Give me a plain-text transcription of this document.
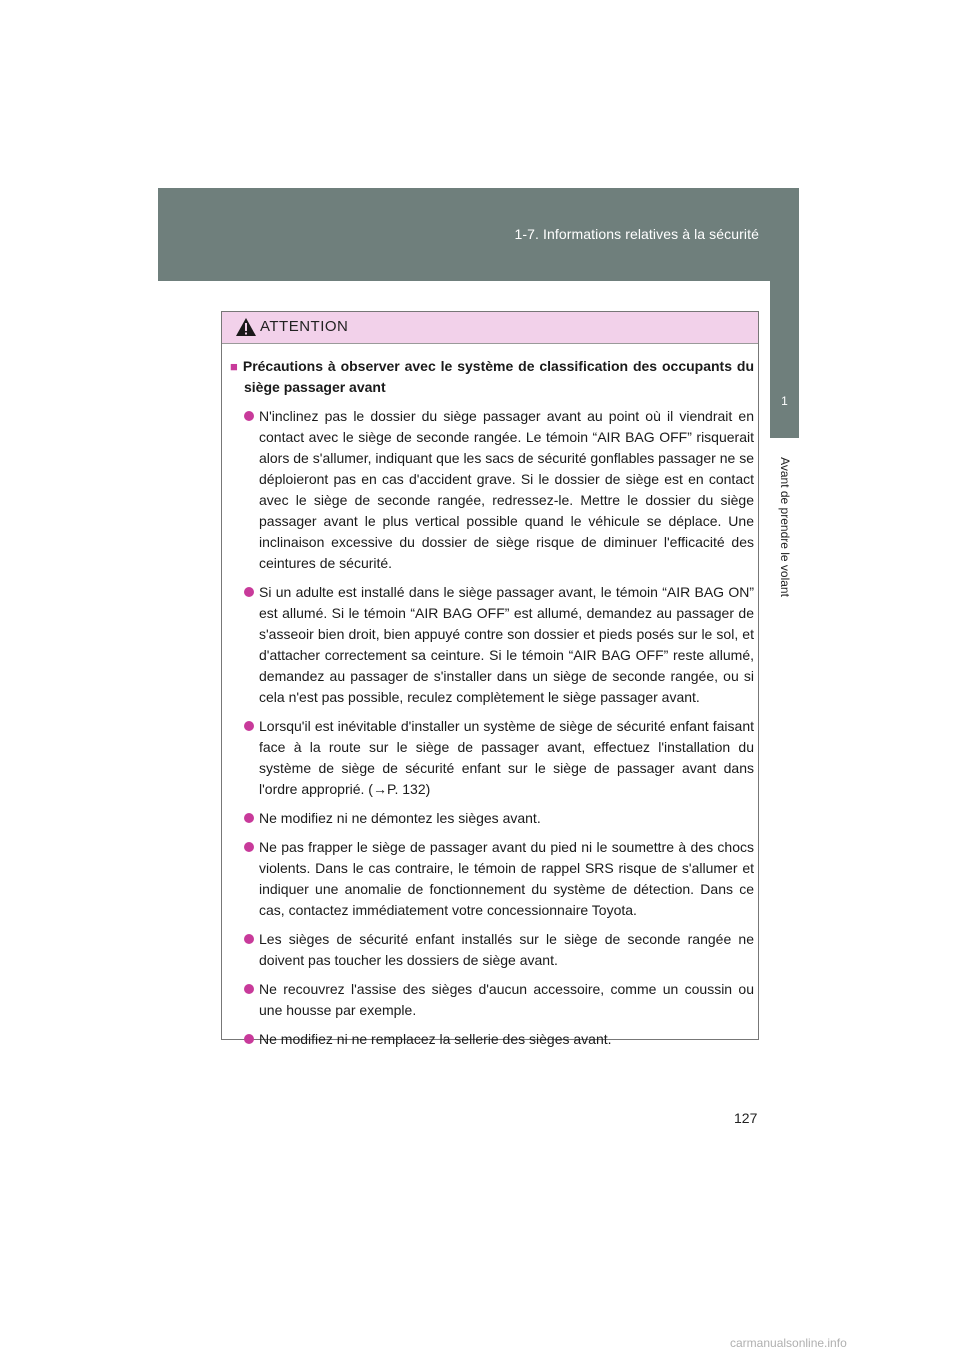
1-7. Informations relatives à la sécurité
1
Avant de prendre le volant
ATTENTION
■ Précautions à observer avec le système de classification des occupants du siège passager avant
N'inclinez pas le dossier du siège passager avant au point où il viendrait en contact avec le siège de seconde rangée. Le témoin “AIR BAG OFF” risquerait alors de s'allumer, indiquant que les sacs de sécurité gonflables passager ne se déploieront pas en cas d'accident grave. Si le dossier de siège est en contact avec le siège de seconde rangée, redressez-le. Mettre le dossier du siège passager avant le plus vertical possible quand le véhicule se déplace. Une inclinaison excessive du dossier de siège risque de diminuer l'efficacité des ceintures de sécurité.
Si un adulte est installé dans le siège passager avant, le témoin “AIR BAG ON” est allumé. Si le témoin “AIR BAG OFF” est allumé, demandez au passager de s'asseoir bien droit, bien appuyé contre son dossier et pieds posés sur le sol, et d'attacher correctement sa ceinture. Si le témoin “AIR BAG OFF” reste allumé, demandez au passager de s'installer dans un siège de seconde rangée, ou si cela n'est pas possible, reculez complètement le siège passager avant.
Lorsqu'il est inévitable d'installer un système de siège de sécurité enfant faisant face à la route sur le siège de passager avant, effectuez l'installation du système de siège de sécurité enfant sur le siège de passager avant dans l'ordre approprié. (→P. 132)
Ne modifiez ni ne démontez les sièges avant.
Ne pas frapper le siège de passager avant du pied ni le soumettre à des chocs violents. Dans le cas contraire, le témoin de rappel SRS risque de s'allumer et indiquer une anomalie de fonctionnement du système de détection. Dans ce cas, contactez immédiatement votre concessionnaire Toyota.
Les sièges de sécurité enfant installés sur le siège de seconde rangée ne doivent pas toucher les dossiers de siège avant.
Ne recouvrez l'assise des sièges d'aucun accessoire, comme un coussin ou une housse par exemple.
Ne modifiez ni ne remplacez la sellerie des sièges avant.
127
carmanualsonline.info
